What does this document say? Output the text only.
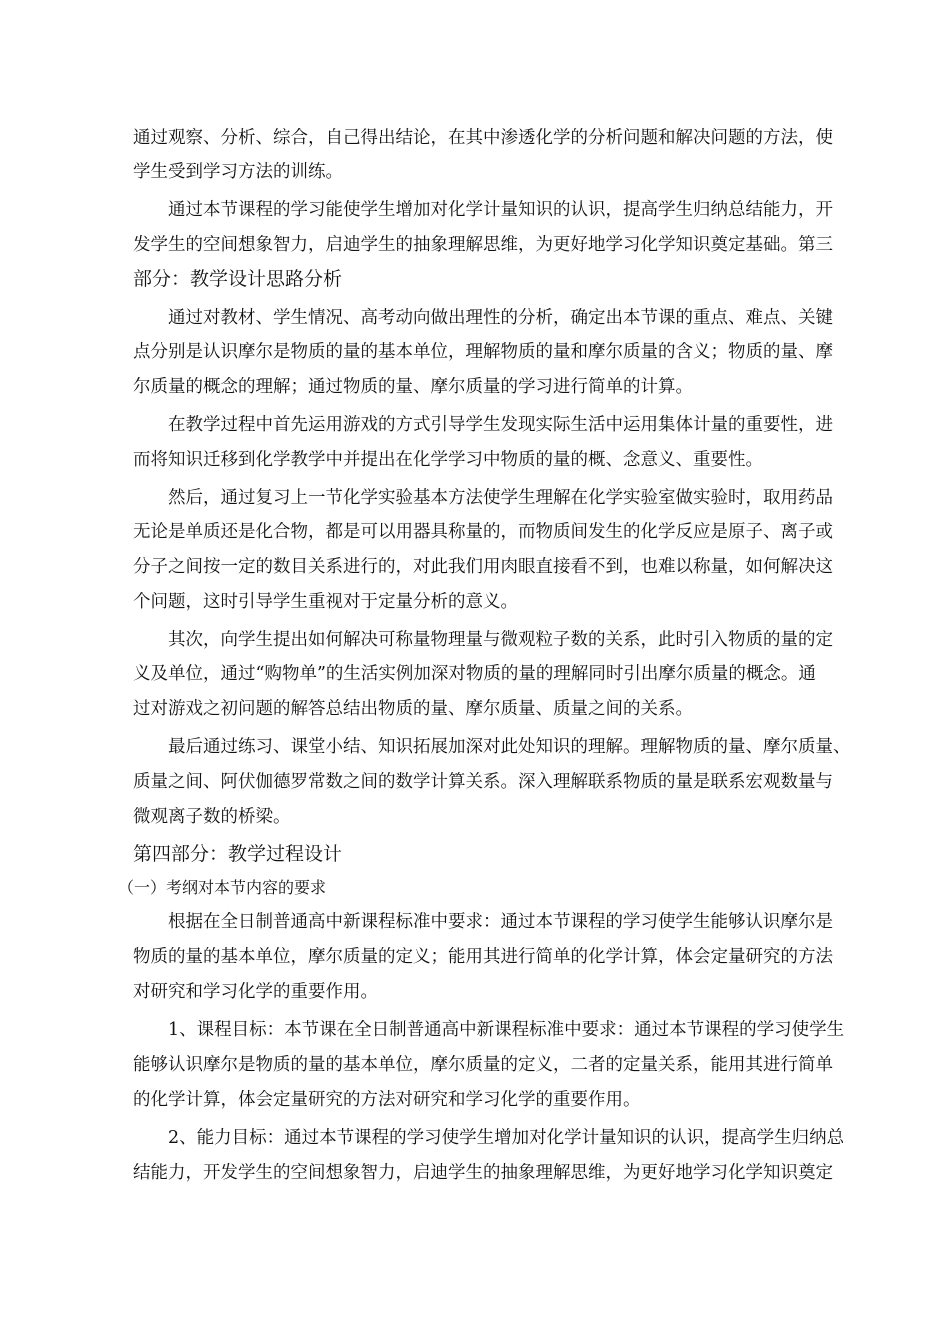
通过观察、分析、综合，自己得出结论，在其中渗透化学的分析问题和解决问题的方法，使
学生受到学习方法的训练。
通过本节课程的学习能使学生增加对化学计量知识的认识，提高学生归纳总结能力，开
发学生的空间想象智力，启迪学生的抽象理解思维，为更好地学习化学知识奠定基础。第三
部分：教学设计思路分析
通过对教材、学生情况、高考动向做出理性的分析，确定出本节课的重点、难点、关键
点分别是认识摩尔是物质的量的基本单位，理解物质的量和摩尔质量的含义；物质的量、摩
尔质量的概念的理解；通过物质的量、摩尔质量的学习进行简单的计算。
在教学过程中首先运用游戏的方式引导学生发现实际生活中运用集体计量的重要性，进
而将知识迁移到化学教学中并提出在化学学习中物质的量的概、念意义、重要性。
然后，通过复习上一节化学实验基本方法使学生理解在化学实验室做实验时，取用药品
无论是单质还是化合物，都是可以用器具称量的，而物质间发生的化学反应是原子、离子或
分子之间按一定的数目关系进行的，对此我们用肉眼直接看不到，也难以称量，如何解决这
个问题，这时引导学生重视对于定量分析的意义。
其次，向学生提出如何解决可称量物理量与微观粒子数的关系，此时引入物质的量的定
义及单位，通过“购物单”的生活实例加深对物质的量的理解同时引出摩尔质量的概念。通
过对游戏之初问题的解答总结出物质的量、摩尔质量、质量之间的关系。
最后通过练习、课堂小结、知识拓展加深对此处知识的理解。理解物质的量、摩尔质量、
质量之间、阿伏伽德罗常数之间的数学计算关系。深入理解联系物质的量是联系宏观数量与
微观离子数的桥梁。
第四部分：教学过程设计
（一）考纲对本节内容的要求
根据在全日制普通高中新课程标准中要求：通过本节课程的学习使学生能够认识摩尔是
物质的量的基本单位，摩尔质量的定义；能用其进行简单的化学计算，体会定量研究的方法
对研究和学习化学的重要作用。
1、课程目标：本节课在全日制普通高中新课程标准中要求：通过本节课程的学习使学生
能够认识摩尔是物质的量的基本单位，摩尔质量的定义，二者的定量关系，能用其进行简单
的化学计算，体会定量研究的方法对研究和学习化学的重要作用。
2、能力目标：通过本节课程的学习使学生增加对化学计量知识的认识，提高学生归纳总
结能力，开发学生的空间想象智力，启迪学生的抽象理解思维，为更好地学习化学知识奠定
